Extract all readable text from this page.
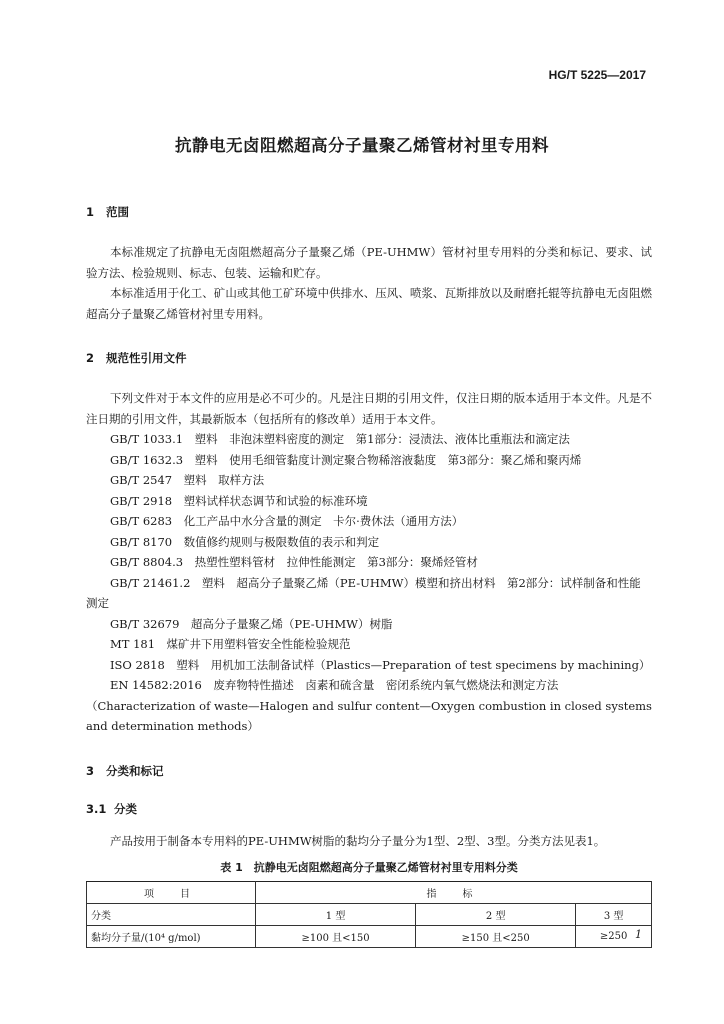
HG/T 5225—2017
抗静电无卤阻燃超高分子量聚乙烯管材衬里专用料

1 范围

本标准规定了抗静电无卤阻燃超高分子量聚乙烯（PE-UHMW）管材衬里专用料的分类和标记、要求、试验方法、检验规则、标志、包装、运输和贮存。

本标准适用于化工、矿山或其他工矿环境中供排水、压风、喷浆、瓦斯排放以及耐磨托辊等抗静电无卤阻燃超高分子量聚乙烯管材衬里专用料。

2 规范性引用文件

下列文件对于本文件的应用是必不可少的。凡是注日期的引用文件，仅注日期的版本适用于本文件。凡是不注日期的引用文件，其最新版本（包括所有的修改单）适用于本文件。

GB/T 1033.1　塑料　非泡沫塑料密度的测定　第1部分：浸渍法、液体比重瓶法和滴定法

GB/T 1632.3　塑料　使用毛细管黏度计测定聚合物稀溶液黏度　第3部分：聚乙烯和聚丙烯

GB/T 2547　塑料　取样方法

GB/T 2918　塑料试样状态调节和试验的标准环境

GB/T 6283　化工产品中水分含量的测定　卡尔·费休法（通用方法）

GB/T 8170　数值修约规则与极限数值的表示和判定

GB/T 8804.3　热塑性塑料管材　拉伸性能测定　第3部分：聚烯烃管材

GB/T 21461.2　塑料　超高分子量聚乙烯（PE-UHMW）模塑和挤出材料　第2部分：试样制备和性能测定

GB/T 32679　超高分子量聚乙烯（PE-UHMW）树脂

MT 181　煤矿井下用塑料管安全性能检验规范

ISO 2818　塑料　用机加工法制备试样（Plastics—Preparation of test specimens by machining）

EN 14582:2016　废弃物特性描述　卤素和硫含量　密闭系统内氧气燃烧法和测定方法（Characterization of waste—Halogen and sulfur content—Oxygen combustion in closed systems and determination methods）

3 分类和标记

3.1 分类

产品按用于制备本专用料的PE-UHMW树脂的黏均分子量分为1型、2型、3型。分类方法见表1。

表 1　抗静电无卤阻燃超高分子量聚乙烯管材衬里专用料分类
项　目	指　标		
分类	1 型	2 型	3 型
黏均分子量/(10⁴ g/mol)	≥100 且<150	≥150 且<250	≥250 1
